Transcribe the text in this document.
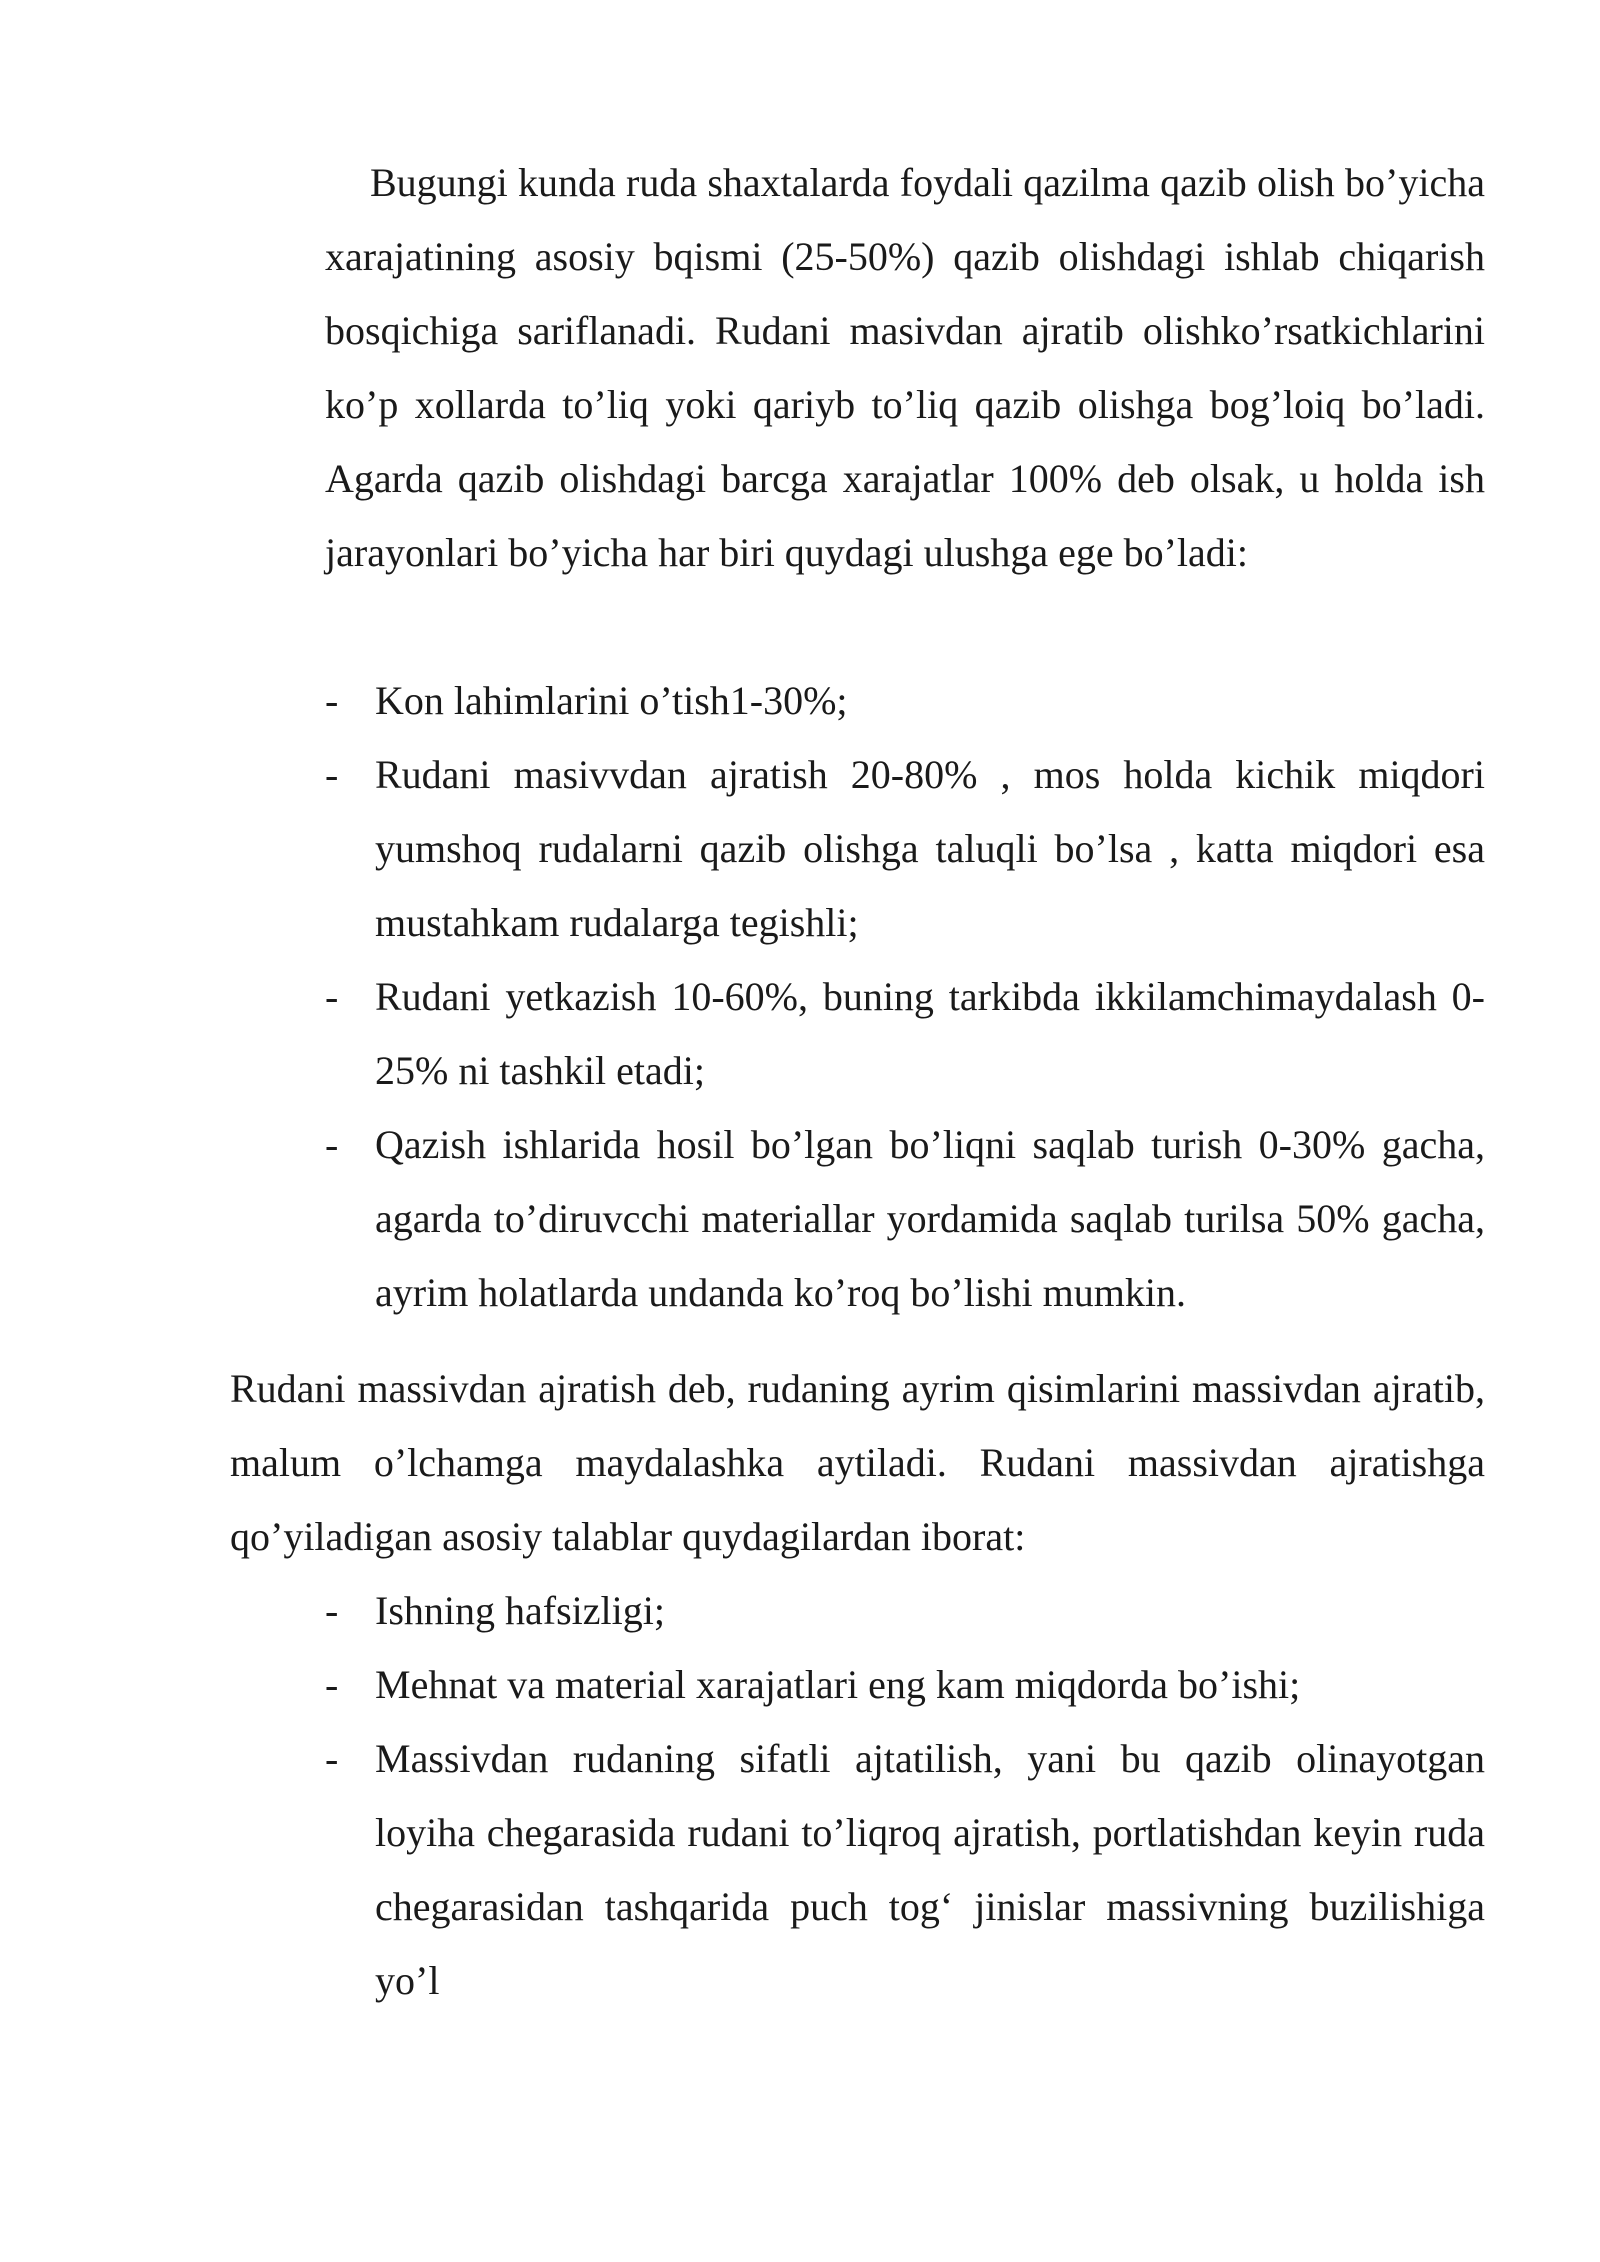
Bugungi kunda ruda shaxtalarda foydali qazilma qazib olish bo’yicha xarajatining asosiy bqismi (25-50%) qazib olishdagi ishlab chiqarish bosqichiga sariflanadi. Rudani masivdan ajratib olishko’rsatkichlarini ko’p xollarda to’liq yoki qariyb to’liq qazib olishga bog’loiq bo’ladi. Agarda qazib olishdagi barcga xarajatlar 100% deb olsak, u holda ish jarayonlari bo’yicha har biri quydagi ulushga ege bo’ladi:

- Kon lahimlarini o’tish1-30%;
- Rudani masivvdan ajratish 20-80% , mos holda kichik miqdori yumshoq rudalarni qazib olishga taluqli bo’lsa , katta miqdori esa mustahkam rudalarga tegishli;
- Rudani yetkazish 10-60%, buning tarkibda ikkilamchimaydalash 0-25% ni tashkil etadi;
- Qazish ishlarida hosil bo’lgan bo’liqni saqlab turish 0-30% gacha, agarda to’diruvcchi materiallar yordamida saqlab turilsa 50% gacha, ayrim holatlarda undanda ko’roq bo’lishi mumkin.

Rudani massivdan ajratish deb, rudaning ayrim qisimlarini massivdan ajratib, malum o’lchamga maydalashka aytiladi. Rudani massivdan ajratishga qo’yiladigan asosiy talablar quydagilardan iborat:

- Ishning hafsizligi;
- Mehnat va material xarajatlari eng kam miqdorda bo’ishi;
- Massivdan rudaning sifatli ajtatilish, yani bu qazib olinayotgan loyiha chegarasida rudani to’liqroq ajratish, portlatishdan keyin ruda chegarasidan tashqarida puch tog‘ jinislar massivning buzilishiga yo’l
